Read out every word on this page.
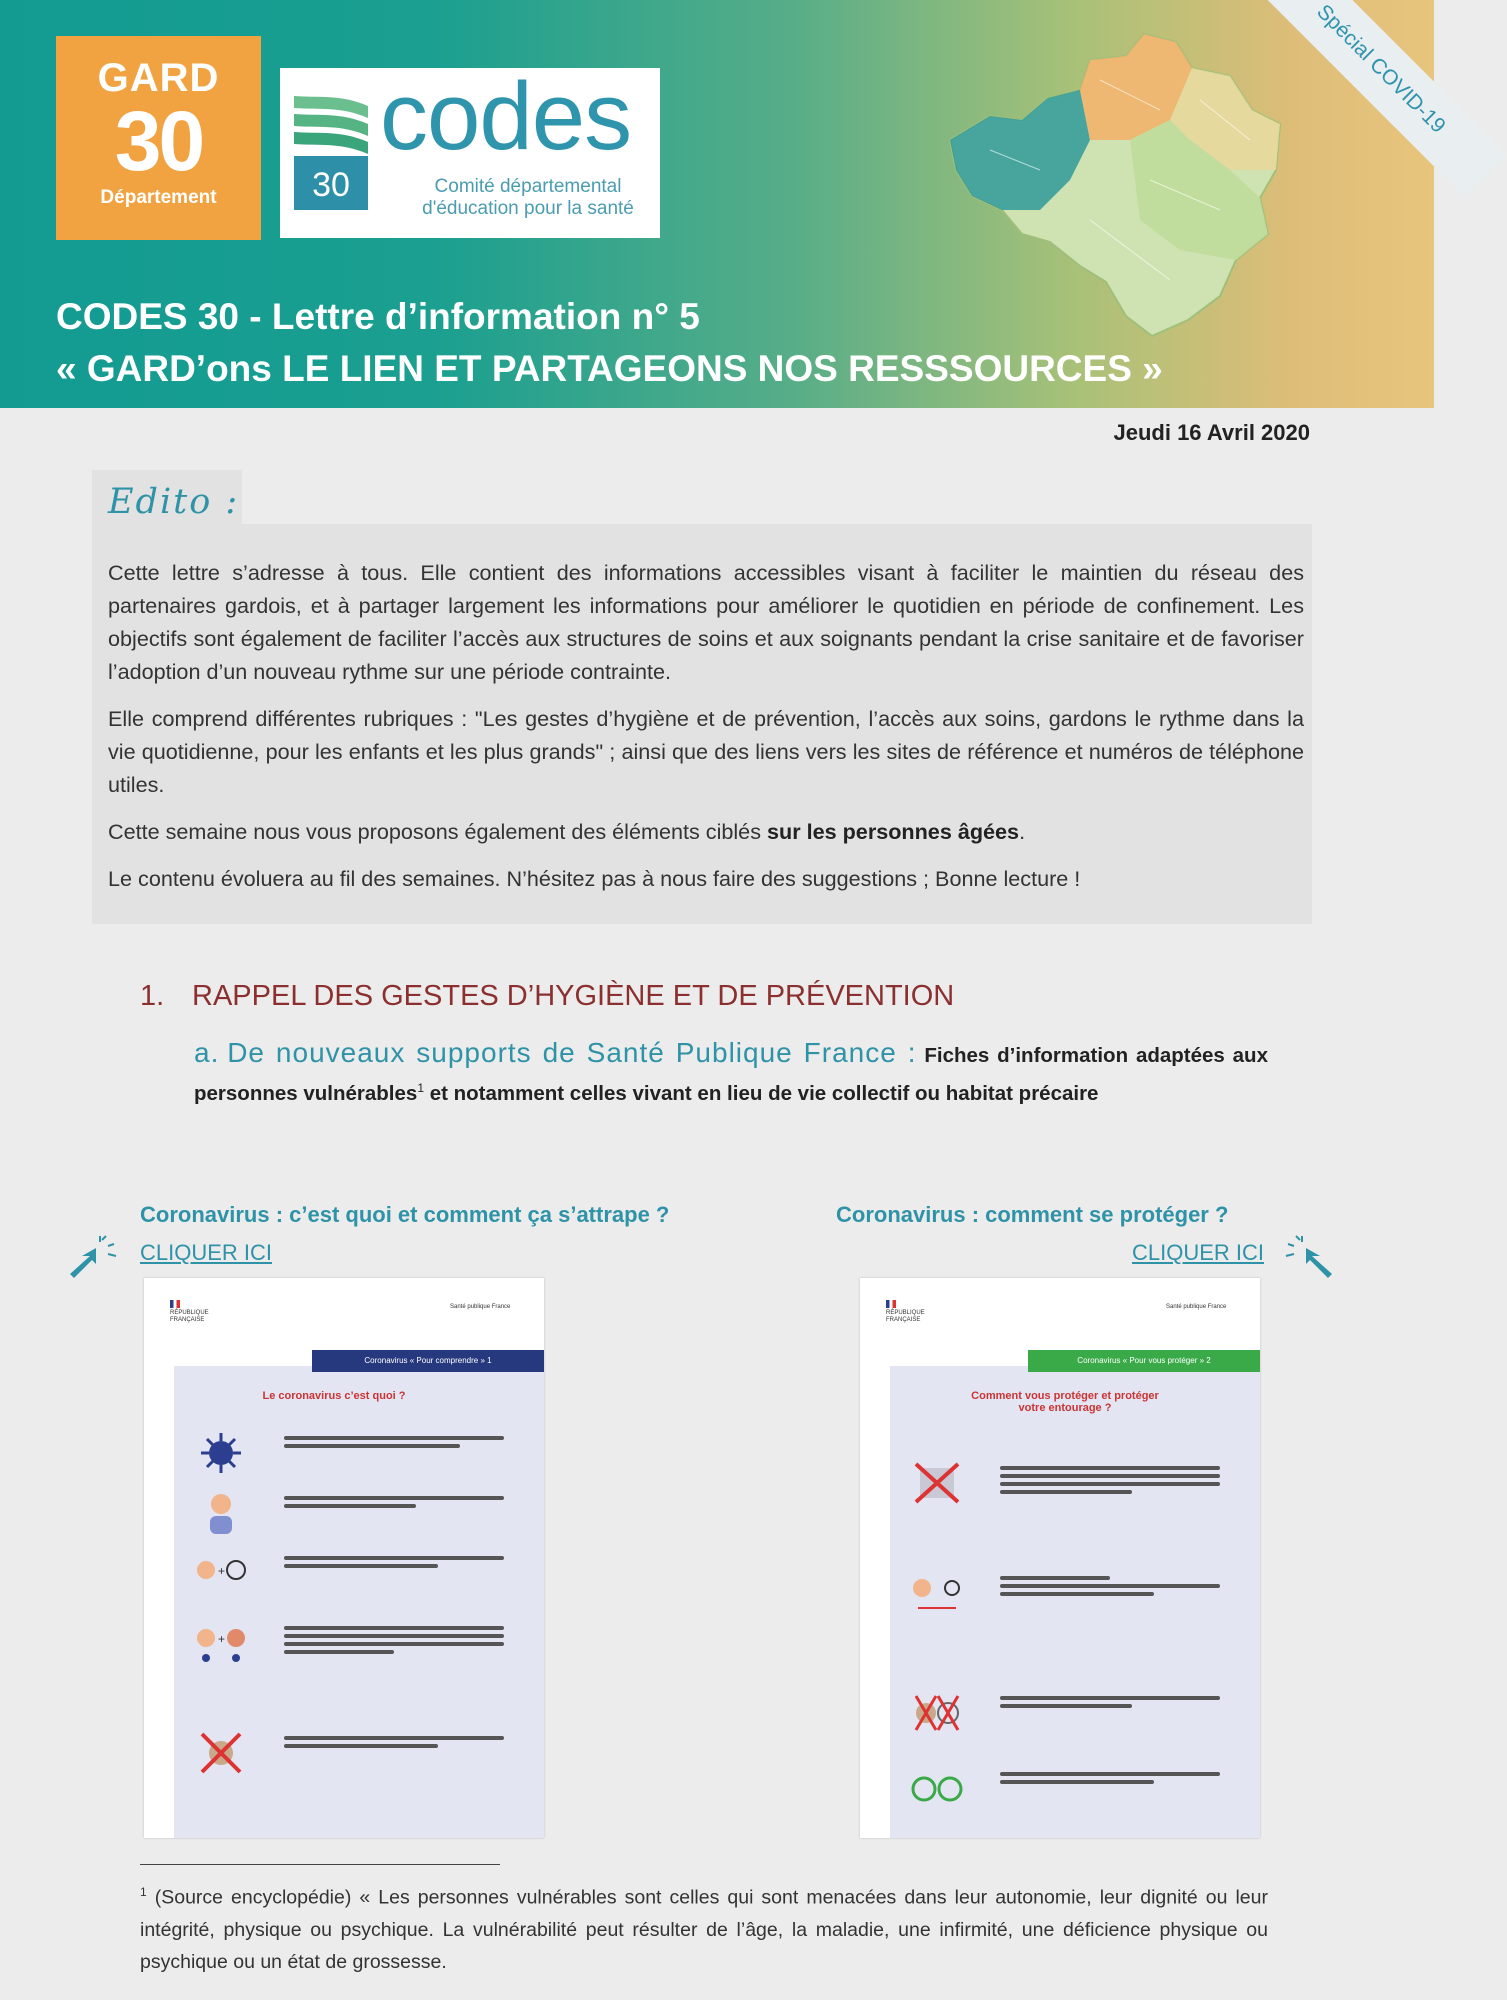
GARD
30
Département	30
codes
Comité départemental
d'éducation pour la santé
Spécial COVID-19
CODES 30 - Lettre d’information n° 5
« GARD’ons LE LIEN ET PARTAGEONS NOS RESSSOURCES »
Jeudi 16 Avril 2020
Edito :

Cette lettre s’adresse à tous. Elle contient des informations accessibles visant à faciliter le maintien du réseau des partenaires gardois, et à partager largement les informations pour améliorer le quotidien en période de confinement. Les objectifs sont également de faciliter l’accès aux structures de soins et aux soignants pendant la crise sanitaire et de favoriser l’adoption d’un nouveau rythme sur une période contrainte.

Elle comprend différentes rubriques : "Les gestes d’hygiène et de prévention, l’accès aux soins, gardons le rythme dans la vie quotidienne, pour les enfants et les plus grands" ; ainsi que des liens vers les sites de référence et numéros de téléphone utiles.

Cette semaine nous vous proposons également des éléments ciblés sur les personnes âgées.

Le contenu évoluera au fil des semaines. N’hésitez pas à nous faire des suggestions ; Bonne lecture !

1. RAPPEL DES GESTES D’HYGIÈNE ET DE PRÉVENTION
a. De nouveaux supports de Santé Publique France : Fiches d’information adaptées aux personnes vulnérables$^1$ et notamment celles vivant en lieu de vie collectif ou habitat précaire
Coronavirus : c’est quoi et comment ça s’attrape ?
CLIQUER ICI
RÉPUBLIQUE FRANÇAISE
Santé publique France
Coronavirus « Pour comprendre » 1
Le coronavirus c’est quoi ?
+
+
Coronavirus : comment se protéger ?
CLIQUER ICI
RÉPUBLIQUE FRANÇAISE
Santé publique France
Coronavirus « Pour vous protéger » 2
Comment vous protéger et protéger votre entourage ?
$^1$ (Source encyclopédie) « Les personnes vulnérables sont celles qui sont menacées dans leur autonomie, leur dignité ou leur intégrité, physique ou psychique. La vulnérabilité peut résulter de l’âge, la maladie, une infirmité, une déficience physique ou psychique ou un état de grossesse.
